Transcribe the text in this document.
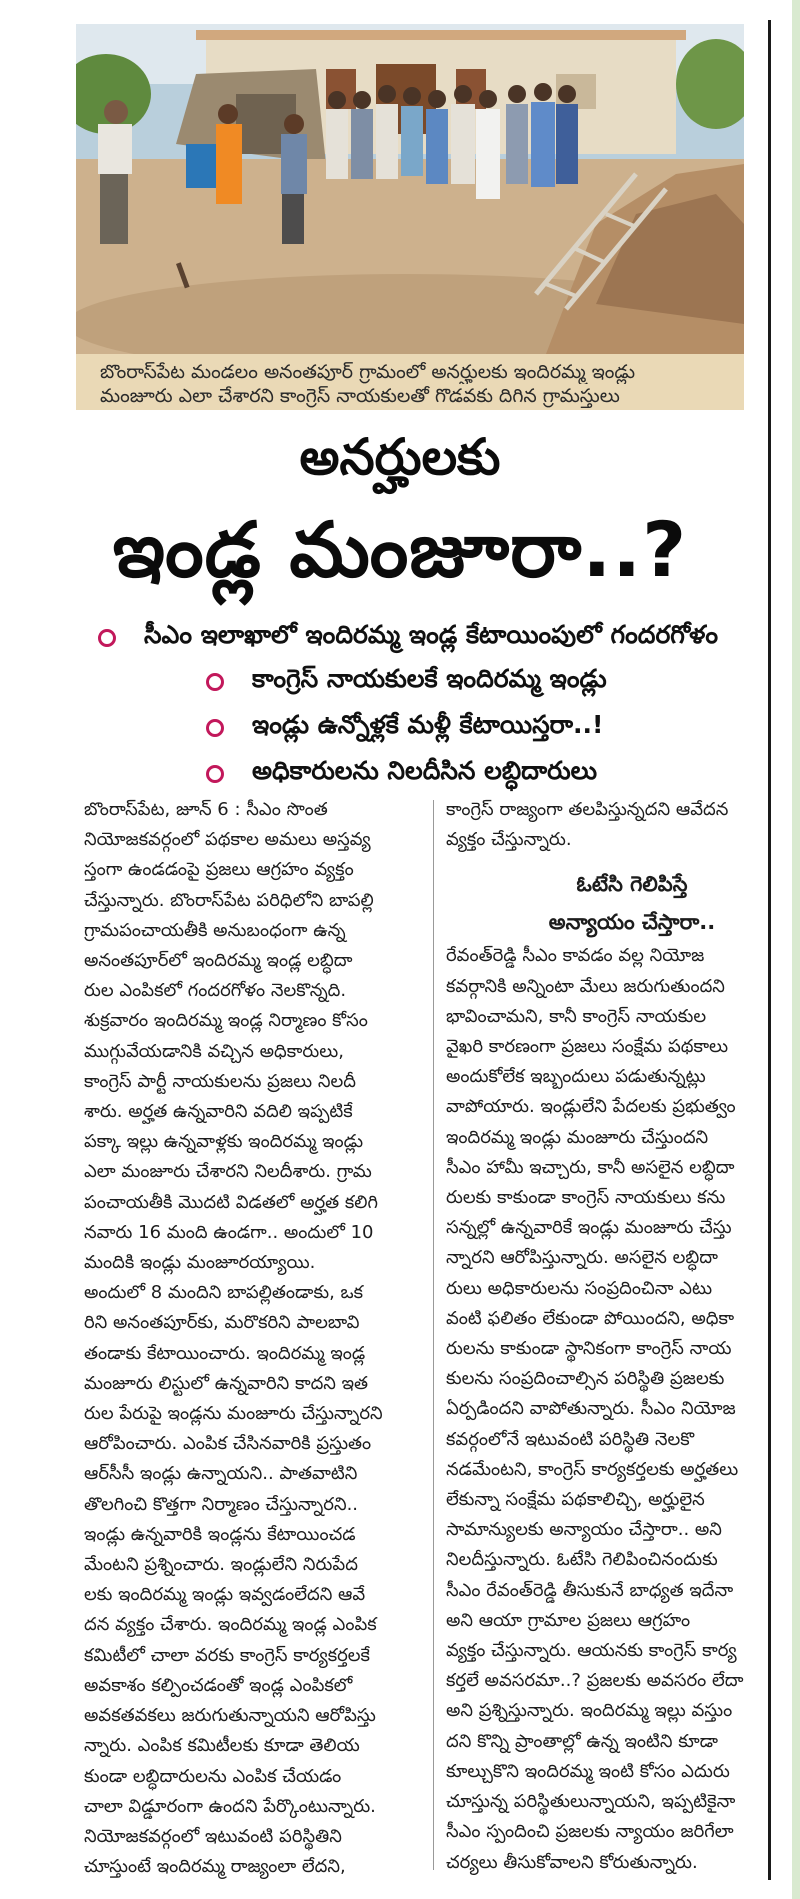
బొంరాస్‌పేట మండలం అనంతపూర్ గ్రామంలో అనర్హులకు ఇందిరమ్మ ఇండ్లు
మంజూరు ఎలా చేశారని కాంగ్రెస్ నాయకులతో గొడవకు దిగిన గ్రామస్తులు
అనర్హులకు
ఇండ్ల మంజూరా..?
సీఎం ఇలాఖాలో ఇందిరమ్మ ఇండ్ల కేటాయింపులో గందరగోళం
కాంగ్రెస్ నాయకులకే ఇందిరమ్మ ఇండ్లు
ఇండ్లు ఉన్నోళ్లకే మళ్లీ కేటాయిస్తరా..!
అధికారులను నిలదీసిన లబ్ధిదారులు

బొంరాస్‌పేట, జూన్ 6 : సీఎం సొంత

నియోజకవర్గంలో పథకాల అమలు అస్తవ్య

స్తంగా ఉండడంపై ప్రజలు ఆగ్రహం వ్యక్తం

చేస్తున్నారు. బొంరాస్‌పేట పరిధిలోని బాపల్లి

గ్రామపంచాయతీకి అనుబంధంగా ఉన్న

అనంతపూర్‌లో ఇందిరమ్మ ఇండ్ల లబ్ధిదా

రుల ఎంపికలో గందరగోళం నెలకొన్నది.

శుక్రవారం ఇందిరమ్మ ఇండ్ల నిర్మాణం కోసం

ముగ్గువేయడానికి వచ్చిన అధికారులు,

కాంగ్రెస్ పార్టీ నాయకులను ప్రజలు నిలదీ

శారు. అర్హత ఉన్నవారిని వదిలి ఇప్పటికే

పక్కా ఇల్లు ఉన్నవాళ్లకు ఇందిరమ్మ ఇండ్లు

ఎలా మంజూరు చేశారని నిలదీశారు. గ్రామ

పంచాయతీకి మొదటి విడతలో అర్హత కలిగి

నవారు 16 మంది ఉండగా.. అందులో 10

మందికి ఇండ్లు మంజూరయ్యాయి.

అందులో 8 మందిని బాపల్లితండాకు, ఒక

రిని అనంతపూర్‌కు, మరొకరిని పాలబావి

తండాకు కేటాయించారు. ఇందిరమ్మ ఇండ్ల

మంజూరు లిస్టులో ఉన్నవారిని కాదని ఇత

రుల పేరుపై ఇండ్లను మంజూరు చేస్తున్నారని

ఆరోపించారు. ఎంపిక చేసినవారికి ప్రస్తుతం

ఆర్‌సీసీ ఇండ్లు ఉన్నాయని.. పాతవాటిని

తొలగించి కొత్తగా నిర్మాణం చేస్తున్నారని..

ఇండ్లు ఉన్నవారికి ఇండ్లను కేటాయించడ

మేంటని ప్రశ్నించారు. ఇండ్లులేని నిరుపేద

లకు ఇందిరమ్మ ఇండ్లు ఇవ్వడంలేదని ఆవే

దన వ్యక్తం చేశారు. ఇందిరమ్మ ఇండ్ల ఎంపిక

కమిటీలో చాలా వరకు కాంగ్రెస్ కార్యకర్తలకే

అవకాశం కల్పించడంతో ఇండ్ల ఎంపికలో

అవకతవకలు జరుగుతున్నాయని ఆరోపిస్తు

న్నారు. ఎంపిక కమిటీలకు కూడా తెలియ

కుండా లబ్ధిదారులను ఎంపిక చేయడం

చాలా విడ్డూరంగా ఉందని పేర్కొంటున్నారు.

నియోజకవర్గంలో ఇటువంటి పరిస్థితిని

చూస్తుంటే ఇందిరమ్మ రాజ్యంలా లేదని,

కాంగ్రెస్ రాజ్యంగా తలపిస్తున్నదని ఆవేదన

వ్యక్తం చేస్తున్నారు.

ఓటేసి గెలిపిస్తే
అన్యాయం చేస్తారా..

రేవంత్‌రెడ్డి సీఎం కావడం వల్ల నియోజ

కవర్గానికి అన్నింటా మేలు జరుగుతుందని

భావించామని, కానీ కాంగ్రెస్ నాయకుల

వైఖరి కారణంగా ప్రజలు సంక్షేమ పథకాలు

అందుకోలేక ఇబ్బందులు పడుతున్నట్లు

వాపోయారు. ఇండ్లులేని పేదలకు ప్రభుత్వం

ఇందిరమ్మ ఇండ్లు మంజూరు చేస్తుందని

సీఎం హామీ ఇచ్చారు, కానీ అసలైన లబ్ధిదా

రులకు కాకుండా కాంగ్రెస్ నాయకులు కను

సన్నల్లో ఉన్నవారికే ఇండ్లు మంజూరు చేస్తు

న్నారని ఆరోపిస్తున్నారు. అసలైన లబ్ధిదా

రులు అధికారులను సంప్రదించినా ఎటు

వంటి ఫలితం లేకుండా పోయిందని, అధికా

రులను కాకుండా స్థానికంగా కాంగ్రెస్ నాయ

కులను సంప్రదించాల్సిన పరిస్థితి ప్రజలకు

ఏర్పడిందని వాపోతున్నారు. సీఎం నియోజ

కవర్గంలోనే ఇటువంటి పరిస్థితి నెలకొ

నడమేంటని, కాంగ్రెస్ కార్యకర్తలకు అర్హతలు

లేకున్నా సంక్షేమ పథకాలిచ్చి, అర్హులైన

సామాన్యులకు అన్యాయం చేస్తారా.. అని

నిలదీస్తున్నారు. ఓటేసి గెలిపించినందుకు

సీఎం రేవంత్‌రెడ్డి తీసుకునే బాధ్యత ఇదేనా

అని ఆయా గ్రామాల ప్రజలు ఆగ్రహం

వ్యక్తం చేస్తున్నారు. ఆయనకు కాంగ్రెస్ కార్య

కర్తలే అవసరమా..? ప్రజలకు అవసరం లేదా

అని ప్రశ్నిస్తున్నారు. ఇందిరమ్మ ఇల్లు వస్తుం

దని కొన్ని ప్రాంతాల్లో ఉన్న ఇంటిని కూడా

కూల్చుకొని ఇందిరమ్మ ఇంటి కోసం ఎదురు

చూస్తున్న పరిస్థితులున్నాయని, ఇప్పటికైనా

సీఎం స్పందించి ప్రజలకు న్యాయం జరిగేలా

చర్యలు తీసుకోవాలని కోరుతున్నారు.
